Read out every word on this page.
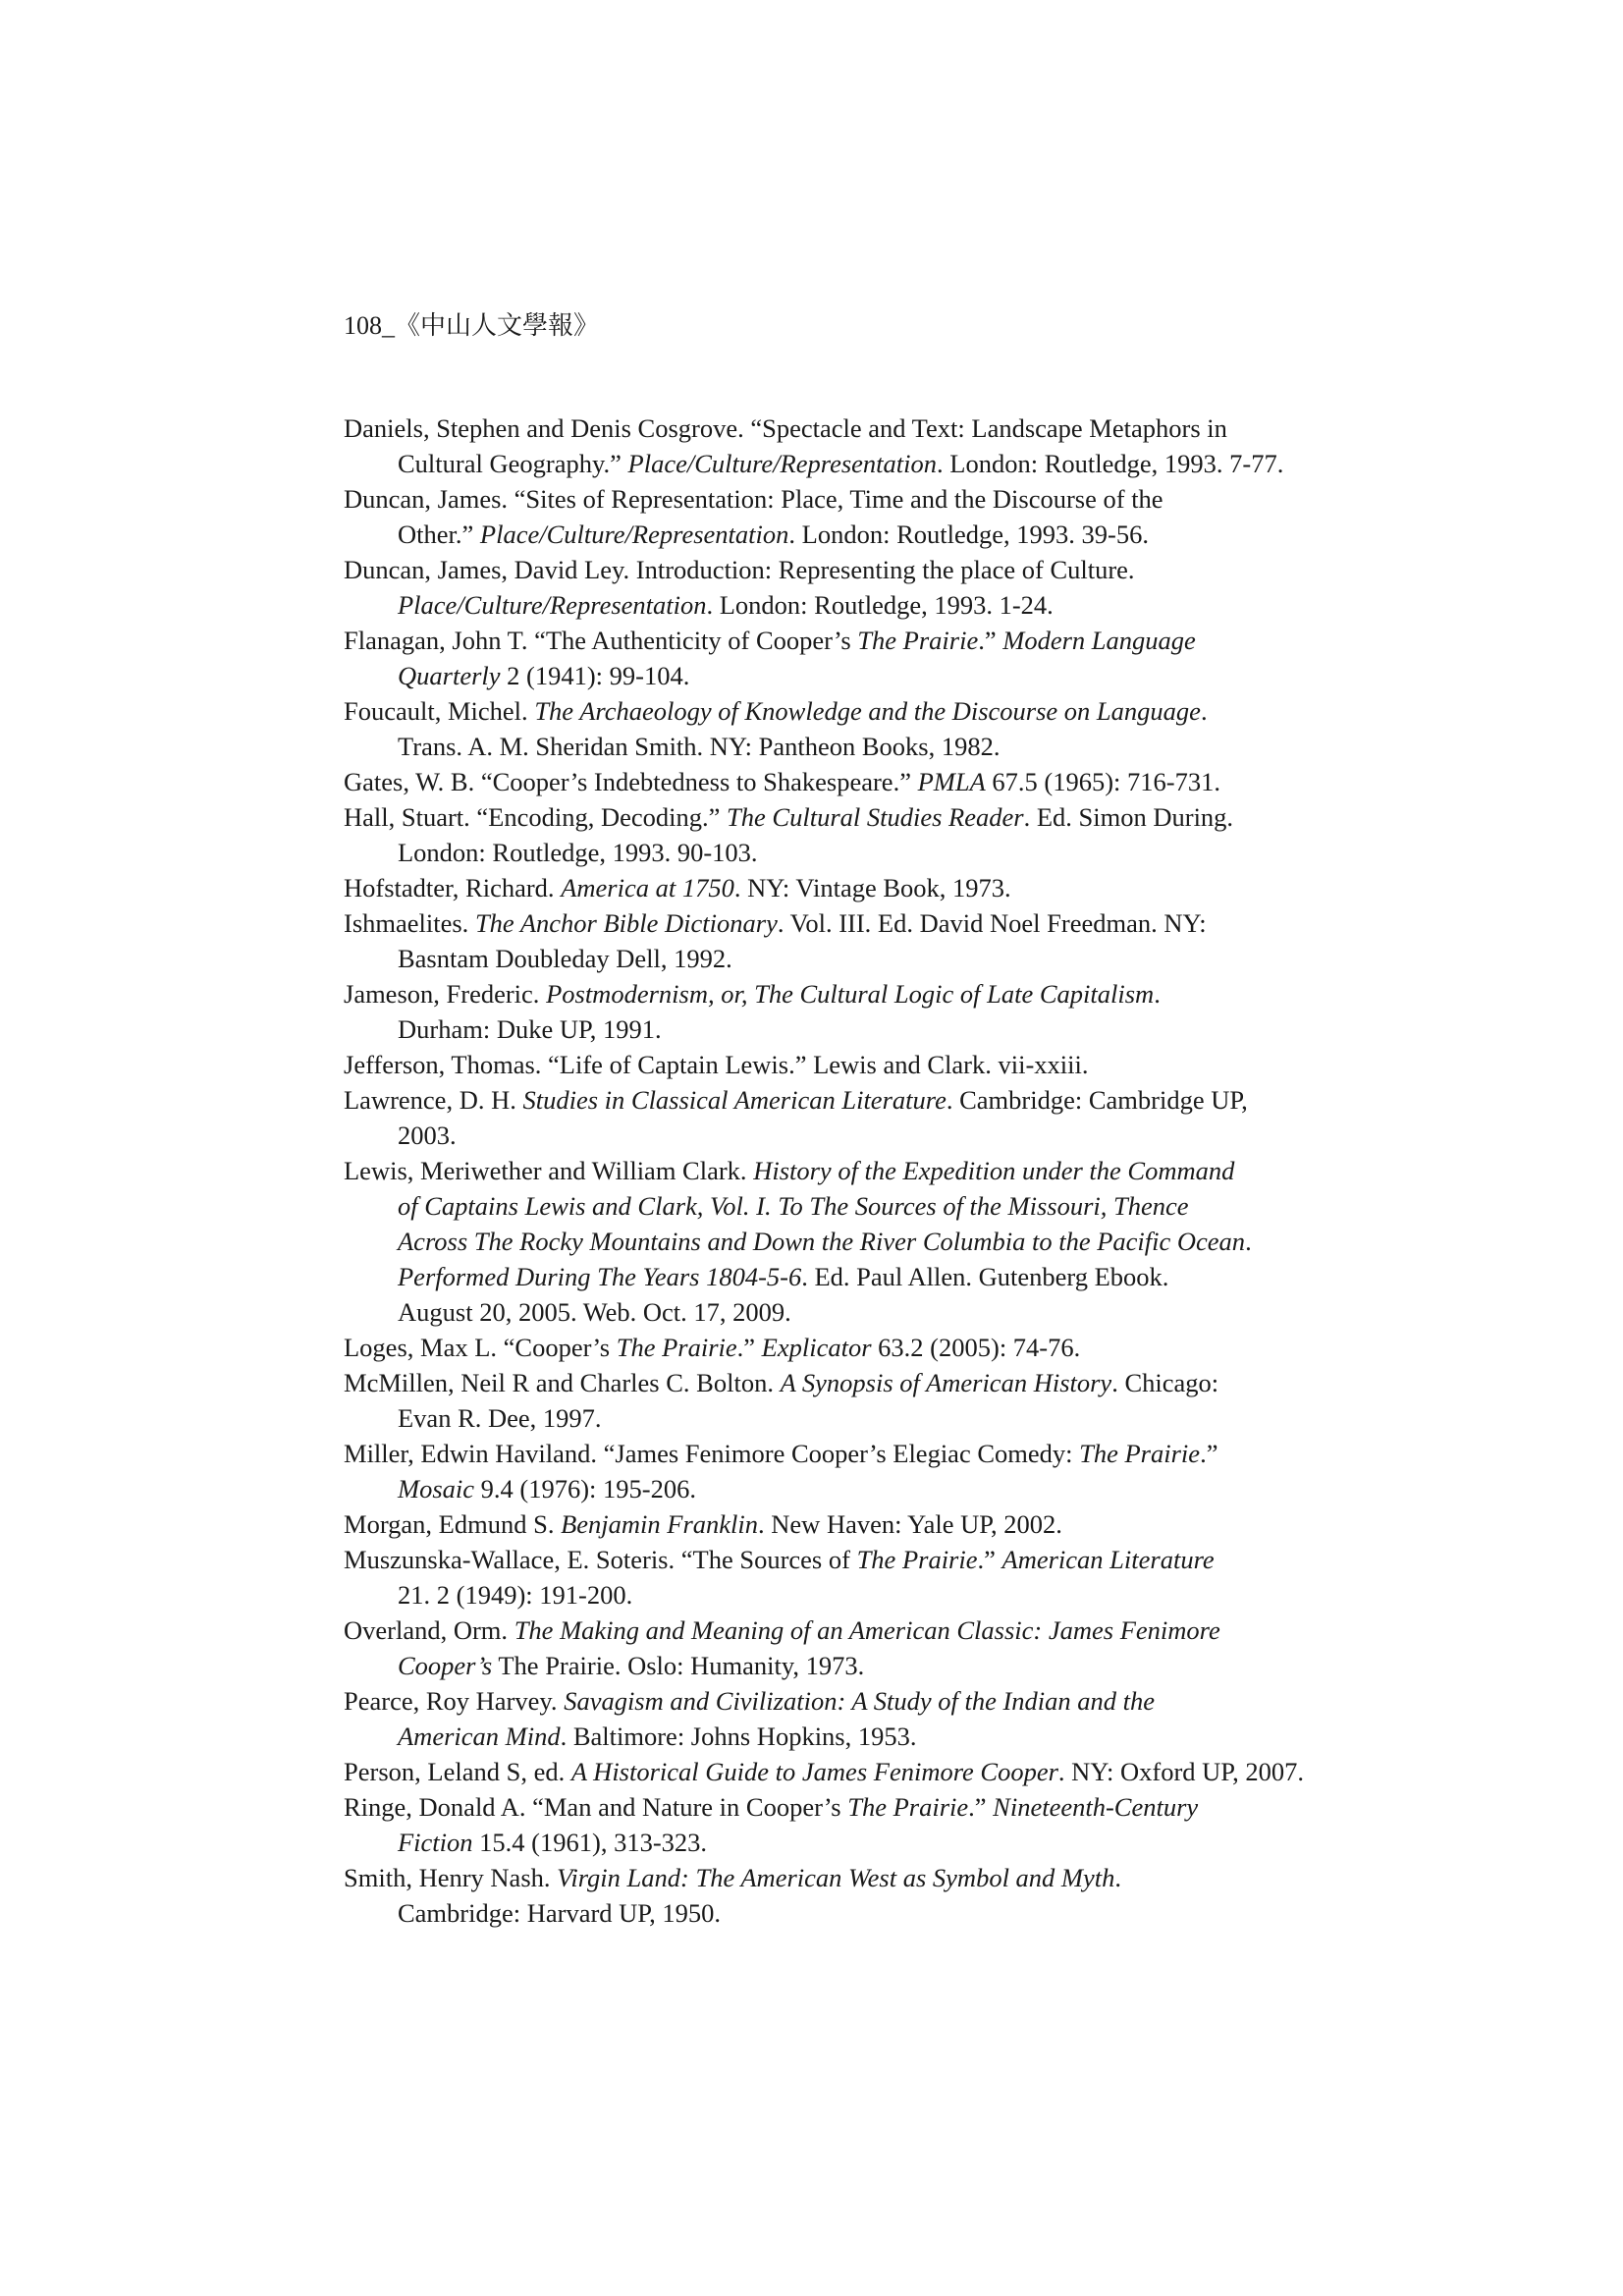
108_《中山人文學報》
Daniels, Stephen and Denis Cosgrove. “Spectacle and Text: Landscape Metaphors in
Cultural Geography.” Place/Culture/Representation. London: Routledge, 1993. 7-77.
Duncan, James. “Sites of Representation: Place, Time and the Discourse of the
Other.” Place/Culture/Representation. London: Routledge, 1993. 39-56.
Duncan, James, David Ley. Introduction: Representing the place of Culture.
Place/Culture/Representation. London: Routledge, 1993. 1-24.
Flanagan, John T. “The Authenticity of Cooper’s The Prairie.” Modern Language
Quarterly 2 (1941): 99-104.
Foucault, Michel. The Archaeology of Knowledge and the Discourse on Language.
Trans. A. M. Sheridan Smith. NY: Pantheon Books, 1982.
Gates, W. B. “Cooper’s Indebtedness to Shakespeare.” PMLA 67.5 (1965): 716-731.
Hall, Stuart. “Encoding, Decoding.” The Cultural Studies Reader. Ed. Simon During.
London: Routledge, 1993. 90-103.
Hofstadter, Richard. America at 1750. NY: Vintage Book, 1973.
Ishmaelites. The Anchor Bible Dictionary. Vol. III. Ed. David Noel Freedman. NY:
Basntam Doubleday Dell, 1992.
Jameson, Frederic. Postmodernism, or, The Cultural Logic of Late Capitalism.
Durham: Duke UP, 1991.
Jefferson, Thomas. “Life of Captain Lewis.” Lewis and Clark. vii-xxiii.
Lawrence, D. H. Studies in Classical American Literature. Cambridge: Cambridge UP,
2003.
Lewis, Meriwether and William Clark. History of the Expedition under the Command
of Captains Lewis and Clark, Vol. I. To The Sources of the Missouri, Thence
Across The Rocky Mountains and Down the River Columbia to the Pacific Ocean.
Performed During The Years 1804-5-6. Ed. Paul Allen. Gutenberg Ebook.
August 20, 2005. Web. Oct. 17, 2009.
Loges, Max L. “Cooper’s The Prairie.” Explicator 63.2 (2005): 74-76.
McMillen, Neil R and Charles C. Bolton. A Synopsis of American History. Chicago:
Evan R. Dee, 1997.
Miller, Edwin Haviland. “James Fenimore Cooper’s Elegiac Comedy: The Prairie.”
Mosaic 9.4 (1976): 195-206.
Morgan, Edmund S. Benjamin Franklin. New Haven: Yale UP, 2002.
Muszunska-Wallace, E. Soteris. “The Sources of The Prairie.” American Literature
21. 2 (1949): 191-200.
Overland, Orm. The Making and Meaning of an American Classic: James Fenimore
Cooper’s The Prairie. Oslo: Humanity, 1973.
Pearce, Roy Harvey. Savagism and Civilization: A Study of the Indian and the
American Mind. Baltimore: Johns Hopkins, 1953.
Person, Leland S, ed. A Historical Guide to James Fenimore Cooper. NY: Oxford UP, 2007.
Ringe, Donald A. “Man and Nature in Cooper’s The Prairie.” Nineteenth-Century
Fiction 15.4 (1961), 313-323.
Smith, Henry Nash. Virgin Land: The American West as Symbol and Myth.
Cambridge: Harvard UP, 1950.
